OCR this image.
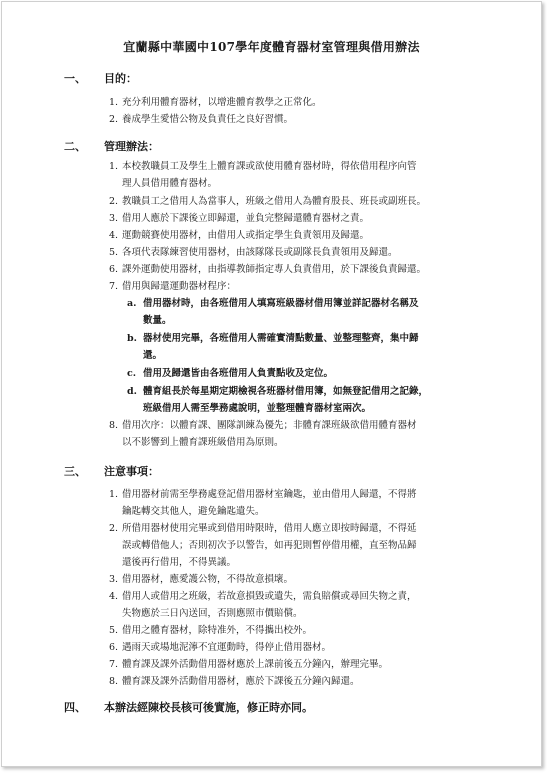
宜蘭縣中華國中107學年度體育器材室管理與借用辦法
一、 目的：
1. 充分利用體育器材，以增進體育教學之正常化。
2. 養成學生愛惜公物及負責任之良好習慣。
二、 管理辦法：
1. 本校教職員工及學生上體育課或欲使用體育器材時，得依借用程序向管
理人員借用體育器材。
2. 教職員工之借用人為當事人，班級之借用人為體育股長、班長或副班長。
3. 借用人應於下課後立即歸還，並負完整歸還體育器材之責。
4. 運動競賽使用器材，由借用人或指定學生負責領用及歸還。
5. 各項代表隊練習使用器材，由該隊隊長或副隊長負責領用及歸還。
6. 課外運動使用器材，由指導教師指定專人負責借用，於下課後負責歸還。
7. 借用與歸還運動器材程序：
a. 借用器材時，由各班借用人填寫班級器材借用簿並詳記器材名稱及
數量。
b. 器材使用完畢，各班借用人需確實清點數量、並整理整齊，集中歸
還。
c. 借用及歸還皆由各班借用人負責點收及定位。
d. 體育組長於每星期定期檢視各班器材借用簿，如無登記借用之記錄，
班級借用人需至學務處說明，並整理體育器材室兩次。
8. 借用次序：以體育課、團隊訓練為優先；非體育課班級欲借用體育器材
以不影響到上體育課班級借用為原則。
三、 注意事項：
1. 借用器材前需至學務處登記借用器材室鑰匙，並由借用人歸還，不得將
鑰匙轉交其他人，避免鑰匙遺失。
2. 所借用器材使用完畢或到借用時限時，借用人應立即按時歸還，不得延
誤或轉借他人；否則初次予以警告，如再犯則暫停借用權，直至物品歸
還後再行借用，不得異議。
3. 借用器材，應愛護公物，不得故意損壞。
4. 借用人或借用之班級，若故意損毀或遺失，需負賠償或尋回失物之責，
失物應於三日內送回，否則應照市價賠償。
5. 借用之體育器材，除特准外，不得攜出校外。
6. 遇雨天或場地泥濘不宜運動時，得停止借用器材。
7. 體育課及課外活動借用器材應於上課前後五分鐘內，辦理完畢。
8. 體育課及課外活動借用器材，應於下課後五分鐘內歸還。
四、 本辦法經陳校長核可後實施，修正時亦同。
